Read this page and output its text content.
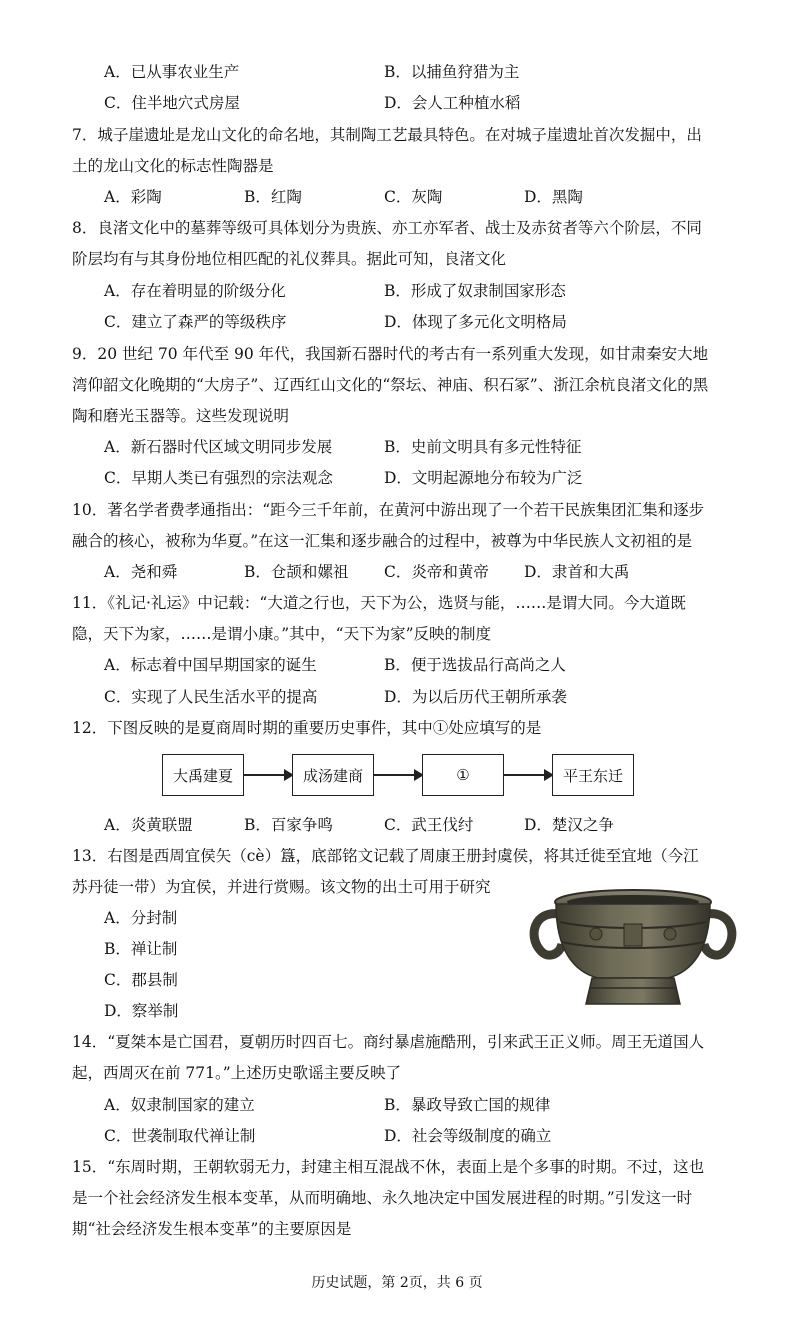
A．已从事农业生产	B．以捕鱼狩猎为主
C．住半地穴式房屋	D．会人工种植水稻
7．城子崖遗址是龙山文化的命名地，其制陶工艺最具特色。在对城子崖遗址首次发掘中，出
土的龙山文化的标志性陶器是
A．彩陶	B．红陶	C．灰陶	D．黑陶
8．良渚文化中的墓葬等级可具体划分为贵族、亦工亦军者、战士及赤贫者等六个阶层，不同
阶层均有与其身份地位相匹配的礼仪葬具。据此可知，良渚文化
A．存在着明显的阶级分化	B．形成了奴隶制国家形态
C．建立了森严的等级秩序	D．体现了多元化文明格局
9．20 世纪 70 年代至 90 年代，我国新石器时代的考古有一系列重大发现，如甘肃秦安大地
湾仰韶文化晚期的“大房子”、辽西红山文化的“祭坛、神庙、积石冢”、浙江余杭良渚文化的黑
陶和磨光玉器等。这些发现说明
A．新石器时代区域文明同步发展	B．史前文明具有多元性特征
C．早期人类已有强烈的宗法观念	D．文明起源地分布较为广泛
10．著名学者费孝通指出：“距今三千年前，在黄河中游出现了一个若干民族集团汇集和逐步
融合的核心，被称为华夏。”在这一汇集和逐步融合的过程中，被尊为中华民族人文初祖的是
A．尧和舜	B．仓颉和嫘祖 C．炎帝和黄帝 D．隶首和大禹
11．《礼记·礼运》中记载：“大道之行也，天下为公，选贤与能，……是谓大同。今大道既
隐，天下为家，……是谓小康。”其中，“天下为家”反映的制度
A．标志着中国早期国家的诞生	B．便于选拔品行高尚之人
C．实现了人民生活水平的提高	D．为以后历代王朝所承袭
12．下图反映的是夏商周时期的重要历史事件，其中①处应填写的是
大禹建夏	成汤建商	①	平王东迁
A．炎黄联盟	B．百家争鸣	C．武王伐纣	D．楚汉之争
13．右图是西周宜侯矢（cè）簋，底部铭文记载了周康王册封虞侯，将其迁徙至宜地（今江
苏丹徒一带）为宜侯，并进行赏赐。该文物的出土可用于研究
A．分封制
B．禅让制
C．郡县制
D．察举制
14．“夏桀本是亡国君，夏朝历时四百七。商纣暴虐施酷刑，引来武王正义师。周王无道国人
起，西周灭在前 771。”上述历史歌谣主要反映了
A．奴隶制国家的建立	B．暴政导致亡国的规律
C．世袭制取代禅让制	D．社会等级制度的确立
15．“东周时期，王朝软弱无力，封建主相互混战不休，表面上是个多事的时期。不过，这也
是一个社会经济发生根本变革，从而明确地、永久地决定中国发展进程的时期。”引发这一时
期“社会经济发生根本变革”的主要原因是
历史试题，第 2页，共 6 页
